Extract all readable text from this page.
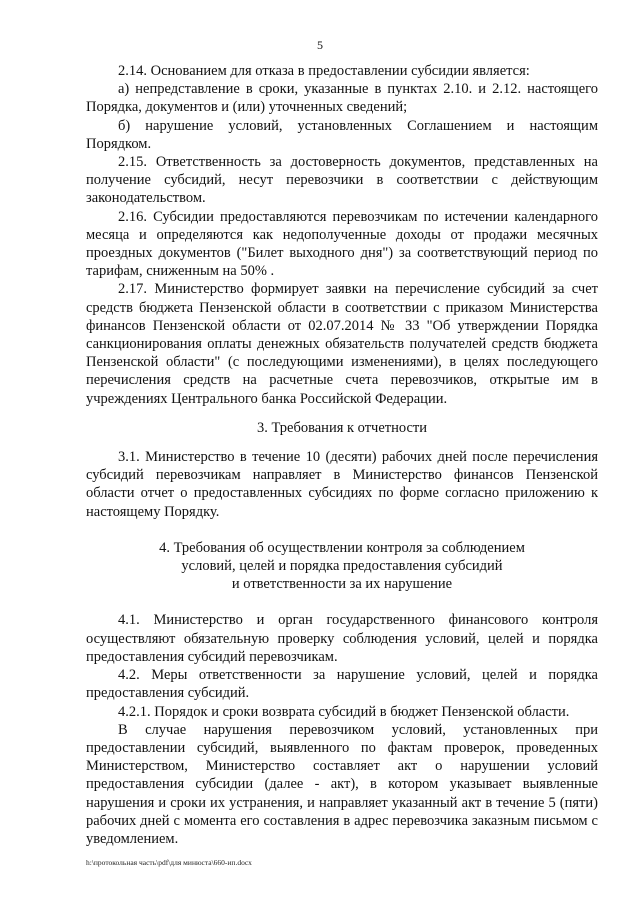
5

2.14. Основанием для отказа в предоставлении субсидии является:

а) непредставление в сроки, указанные в пунктах 2.10. и 2.12. настоящего Порядка, документов и (или) уточненных сведений;

б) нарушение условий, установленных Соглашением и настоящим Порядком.

2.15. Ответственность за достоверность документов, представленных на получение субсидий, несут перевозчики в соответствии с действующим законодательством.

2.16. Субсидии предоставляются перевозчикам по истечении календарного месяца и определяются как недополученные доходы от продажи месячных проездных документов ("Билет выходного дня") за соответствующий период по тарифам, сниженным на 50% .

2.17. Министерство формирует заявки на перечисление субсидий за счет средств бюджета Пензенской области в соответствии с приказом Министерства финансов Пензенской области от 02.07.2014 № 33 "Об утверждении Порядка санкционирования оплаты денежных обязательств получателей средств бюджета Пензенской области" (с последующими изменениями), в целях последующего перечисления средств на расчетные счета перевозчиков, открытые им в учреждениях Центрального банка Российской Федерации.

3. Требования к отчетности

3.1. Министерство в течение 10 (десяти) рабочих дней после перечисления субсидий перевозчикам направляет в Министерство финансов Пензенской области отчет о предоставленных субсидиях по форме согласно приложению к настоящему Порядку.

4. Требования об осуществлении контроля за соблюдением

условий, целей и порядка предоставления субсидий

и ответственности за их нарушение

4.1. Министерство и орган государственного финансового контроля осуществляют обязательную проверку соблюдения условий, целей и порядка предоставления субсидий перевозчикам.

4.2. Меры ответственности за нарушение условий, целей и порядка предоставления субсидий.

4.2.1. Порядок и сроки возврата субсидий в бюджет Пензенской области.

В случае нарушения перевозчиком условий, установленных при предоставлении субсидий, выявленного по фактам проверок, проведенных Министерством, Министерство составляет акт о нарушении условий предоставления субсидии (далее - акт), в котором указывает выявленные нарушения и сроки их устранения, и направляет указанный акт в течение 5 (пяти) рабочих дней с момента его составления в адрес перевозчика заказным письмом с уведомлением.

h:\протокольная часть\pdf\для минюста\660-ип.docx
